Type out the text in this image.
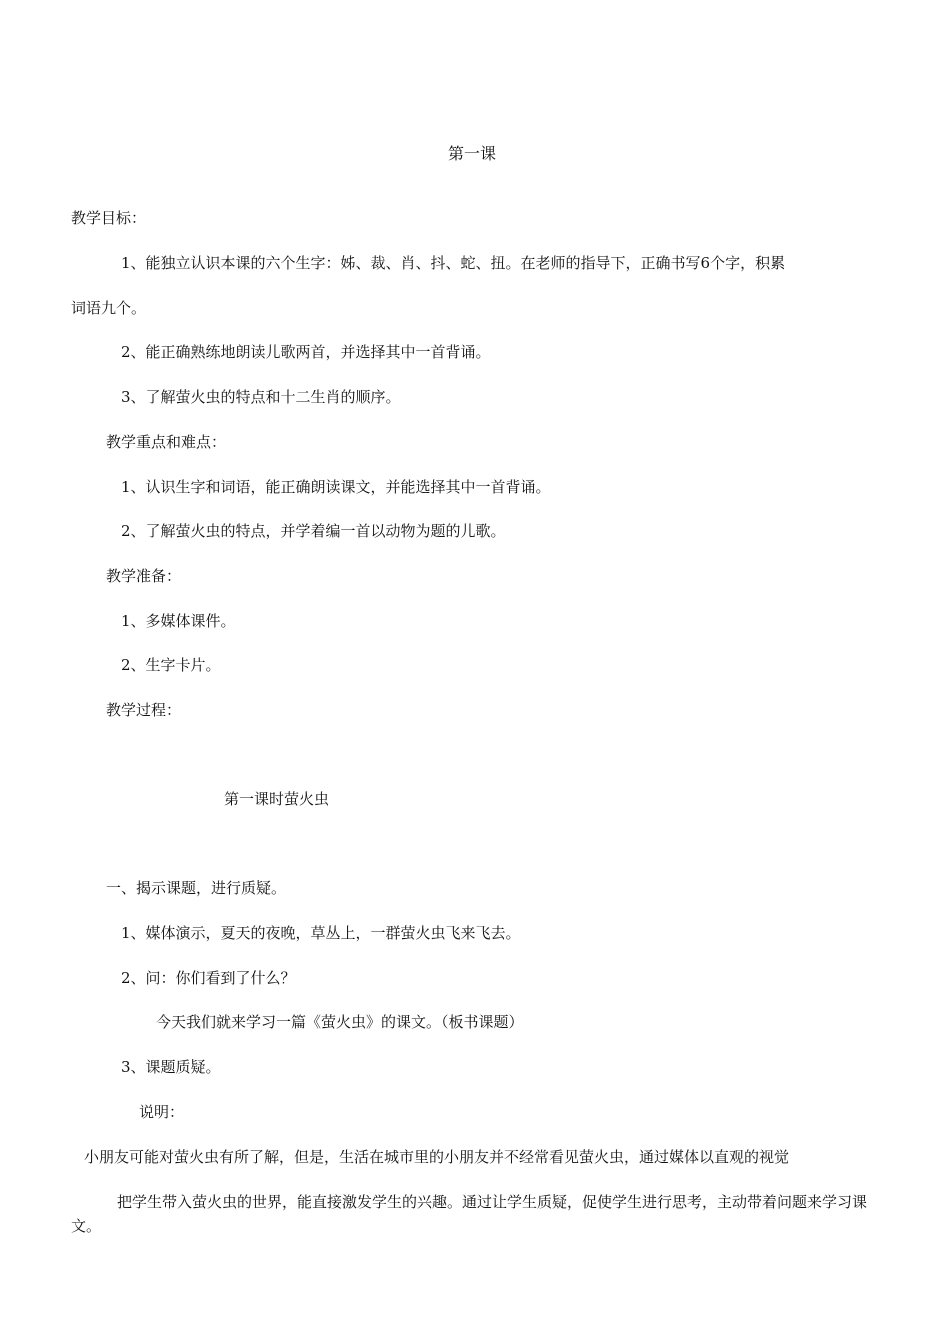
第一课
教学目标：
1、能独立认识本课的六个生字：姊、裁、肖、抖、蛇、扭。在老师的指导下，正确书写6个字，积累
词语九个。
2、能正确熟练地朗读儿歌两首，并选择其中一首背诵。
3、了解萤火虫的特点和十二生肖的顺序。
教学重点和难点：
1、认识生字和词语，能正确朗读课文，并能选择其中一首背诵。
2、了解萤火虫的特点，并学着编一首以动物为题的儿歌。
教学准备：
1、多媒体课件。
2、生字卡片。
教学过程：
第一课时萤火虫
一、揭示课题，进行质疑。
1、媒体演示，夏天的夜晚，草丛上，一群萤火虫飞来飞去。
2、问：你们看到了什么？
今天我们就来学习一篇《萤火虫》的课文。（板书课题）
3、课题质疑。
说明：
小朋友可能对萤火虫有所了解，但是，生活在城市里的小朋友并不经常看见萤火虫，通过媒体以直观的视觉
把学生带入萤火虫的世界，能直接激发学生的兴趣。通过让学生质疑，促使学生进行思考，主动带着问题来学习课文。
